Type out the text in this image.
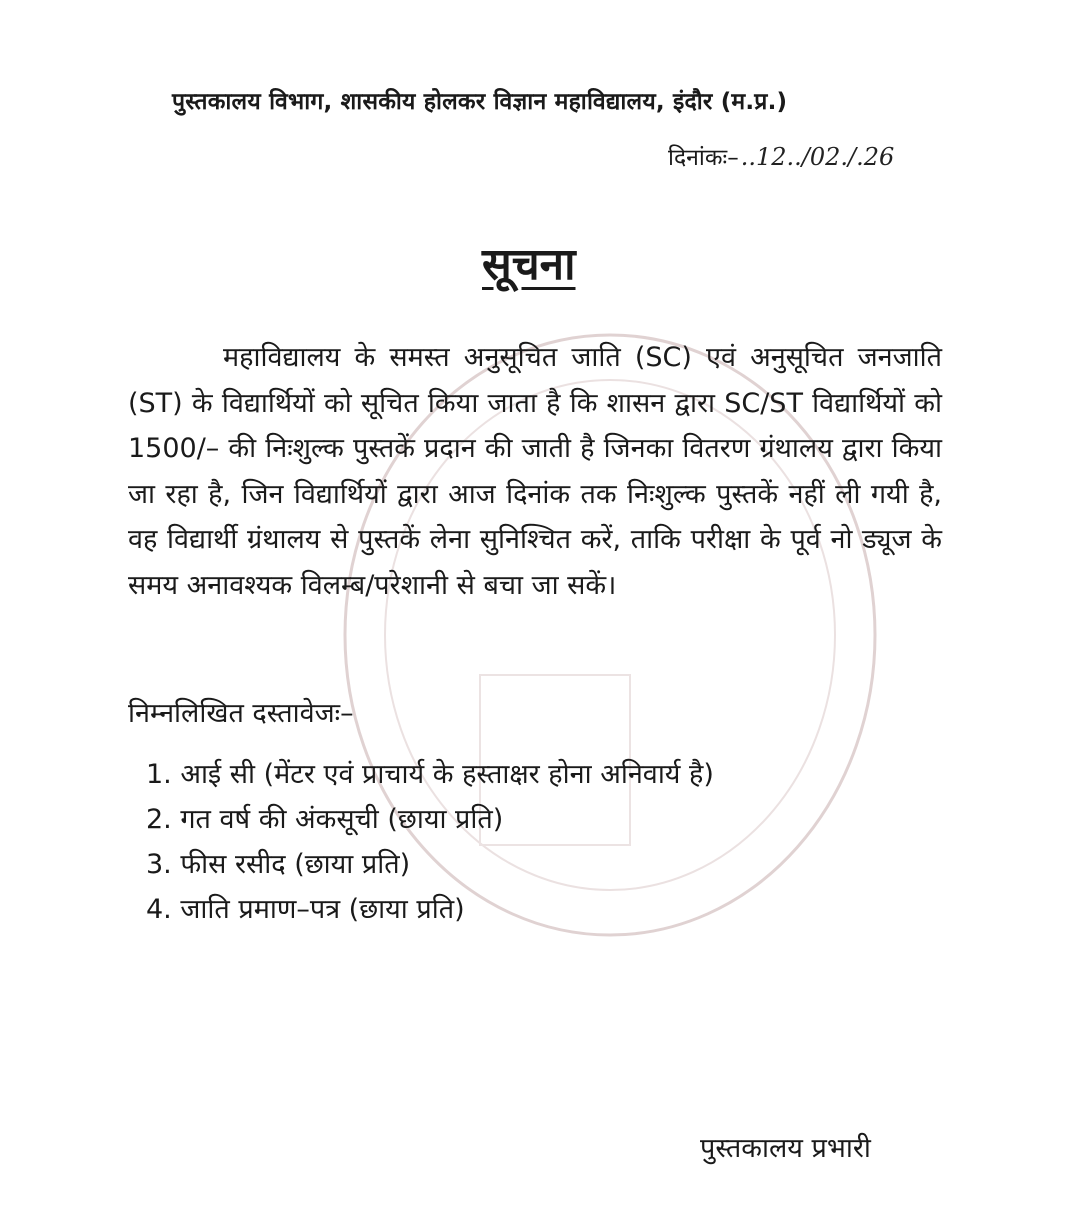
पुस्तकालय विभाग, शासकीय होलकर विज्ञान महाविद्यालय, इंदौर (म.प्र.)
दिनांकः–..12../02./.26
सूचना

महाविद्यालय के समस्त अनुसूचित जाति (SC) एवं अनुसूचित जनजाति (ST) के विद्यार्थियों को सूचित किया जाता है कि शासन द्वारा SC/ST विद्यार्थियों को 1500/– की निःशुल्क पुस्तकें प्रदान की जाती है जिनका वितरण ग्रंथालय द्वारा किया जा रहा है, जिन विद्यार्थियों द्वारा आज दिनांक तक निःशुल्क पुस्तकें नहीं ली गयी है, वह विद्यार्थी ग्रंथालय से पुस्तकें लेना सुनिश्चित करें, ताकि परीक्षा के पूर्व नो ड्यूज के समय अनावश्यक विलम्ब/परेशानी से बचा जा सकें।

निम्नलिखित दस्तावेजः–
1. आई सी (मेंटर एवं प्राचार्य के हस्ताक्षर होना अनिवार्य है)
2. गत वर्ष की अंकसूची (छाया प्रति)
3. फीस रसीद (छाया प्रति)
4. जाति प्रमाण–पत्र (छाया प्रति)
पुस्तकालय प्रभारी
